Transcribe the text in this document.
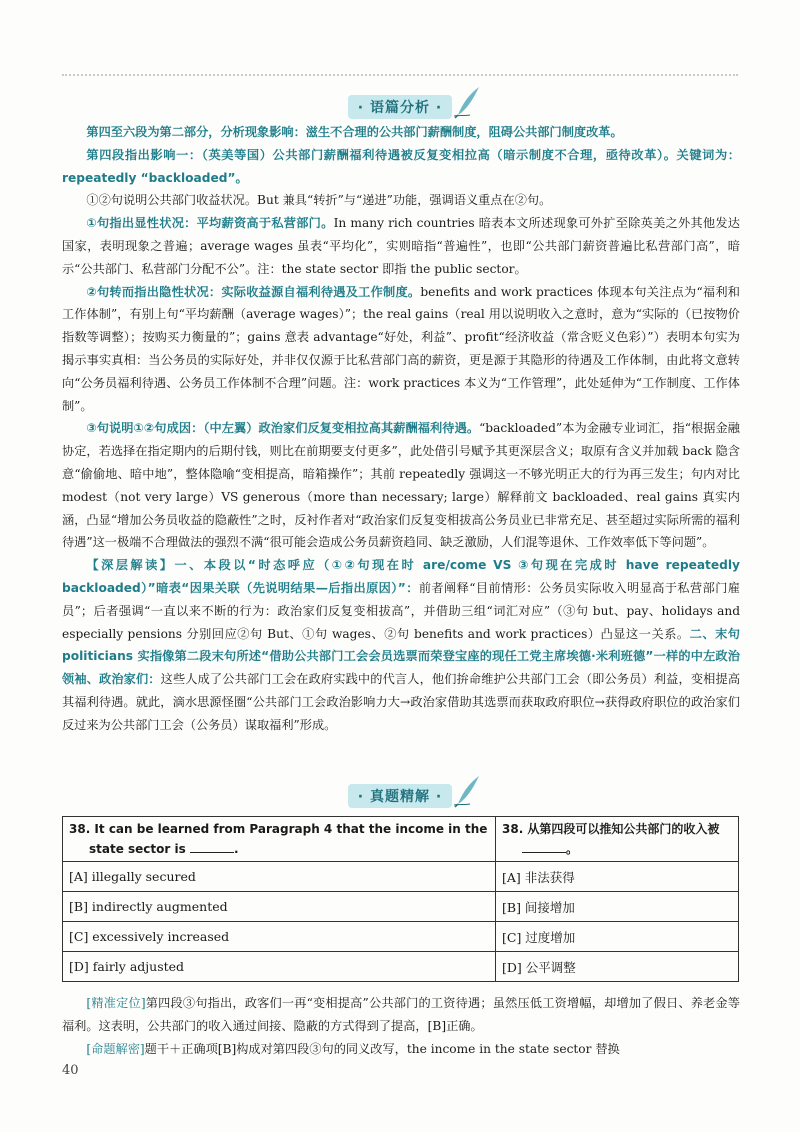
· 语篇分析 ·

第四至六段为第二部分，分析现象影响：滋生不合理的公共部门薪酬制度，阻碍公共部门制度改革。

第四段指出影响一：（英美等国）公共部门薪酬福利待遇被反复变相拉高（暗示制度不合理，亟待改革）。关键词为：repeatedly “backloaded”。

①②句说明公共部门收益状况。But 兼具“转折”与“递进”功能，强调语义重点在②句。

①句指出显性状况：平均薪资高于私营部门。In many rich countries 暗表本文所述现象可外扩至除英美之外其他发达国家，表明现象之普遍；average wages 虽表“平均化”，实则暗指“普遍性”，也即“公共部门薪资普遍比私营部门高”，暗示“公共部门、私营部门分配不公”。注：the state sector 即指 the public sector。

②句转而指出隐性状况：实际收益源自福利待遇及工作制度。benefits and work practices 体现本句关注点为“福利和工作体制”，有别上句“平均薪酬（average wages）”；the real gains（real 用以说明收入之意时，意为“实际的（已按物价指数等调整）；按购买力衡量的”；gains 意表 advantage“好处，利益”、profit“经济收益（常含贬义色彩）”）表明本句实为揭示事实真相：当公务员的实际好处，并非仅仅源于比私营部门高的薪资，更是源于其隐形的待遇及工作体制，由此将文意转向“公务员福利待遇、公务员工作体制不合理”问题。注：work practices 本义为“工作管理”，此处延伸为“工作制度、工作体制”。

③句说明①②句成因：（中左翼）政治家们反复变相拉高其薪酬福利待遇。“backloaded”本为金融专业词汇，指“根据金融协定，若选择在指定期内的后期付钱，则比在前期要支付更多”，此处借引号赋予其更深层含义；取原有含义并加载 back 隐含意“偷偷地、暗中地”，整体隐喻“变相提高，暗箱操作”；其前 repeatedly 强调这一不够光明正大的行为再三发生；句内对比 modest（not very large）VS generous（more than necessary; large）解释前文 backloaded、real gains 真实内涵，凸显“增加公务员收益的隐蔽性”之时，反衬作者对“政治家们反复变相拔高公务员业已非常充足、甚至超过实际所需的福利待遇”这一极端不合理做法的强烈不满“很可能会造成公务员薪资趋同、缺乏激励，人们混等退休、工作效率低下等问题”。

【深层解读】一、本段以“时态呼应（①②句现在时 are/come VS ③句现在完成时 have repeatedly backloaded）”暗表“因果关联（先说明结果—后指出原因）”：前者阐释“目前情形：公务员实际收入明显高于私营部门雇员”；后者强调“一直以来不断的行为：政治家们反复变相拔高”，并借助三组“词汇对应”（③句 but、pay、holidays and especially pensions 分别回应②句 But、①句 wages、②句 benefits and work practices）凸显这一关系。二、末句 politicians 实指像第二段末句所述“借助公共部门工会会员选票而荣登宝座的现任工党主席埃德·米利班德”一样的中左政治领袖、政治家们：这些人成了公共部门工会在政府实践中的代言人，他们拚命维护公共部门工会（即公务员）利益，变相提高其福利待遇。就此，滴水思源怪圈“公共部门工会政治影响力大→政治家借助其选票而获取政府职位→获得政府职位的政治家们反过来为公共部门工会（公务员）谋取福利”形成。

· 真题精解 ·
38. It can be learned from Paragraph 4 that the income in the state sector is .	38. 从第四段可以推知公共部门的收入被。
[A] illegally secured	[A] 非法获得
[B] indirectly augmented	[B] 间接增加
[C] excessively increased	[C] 过度增加
[D] fairly adjusted	[D] 公平调整

[精准定位]第四段③句指出，政客们一再“变相提高”公共部门的工资待遇；虽然压低工资增幅，却增加了假日、养老金等福利。这表明，公共部门的收入通过间接、隐蔽的方式得到了提高，[B]正确。

[命题解密]题干＋正确项[B]构成对第四段③句的同义改写，the income in the state sector 替换

40
